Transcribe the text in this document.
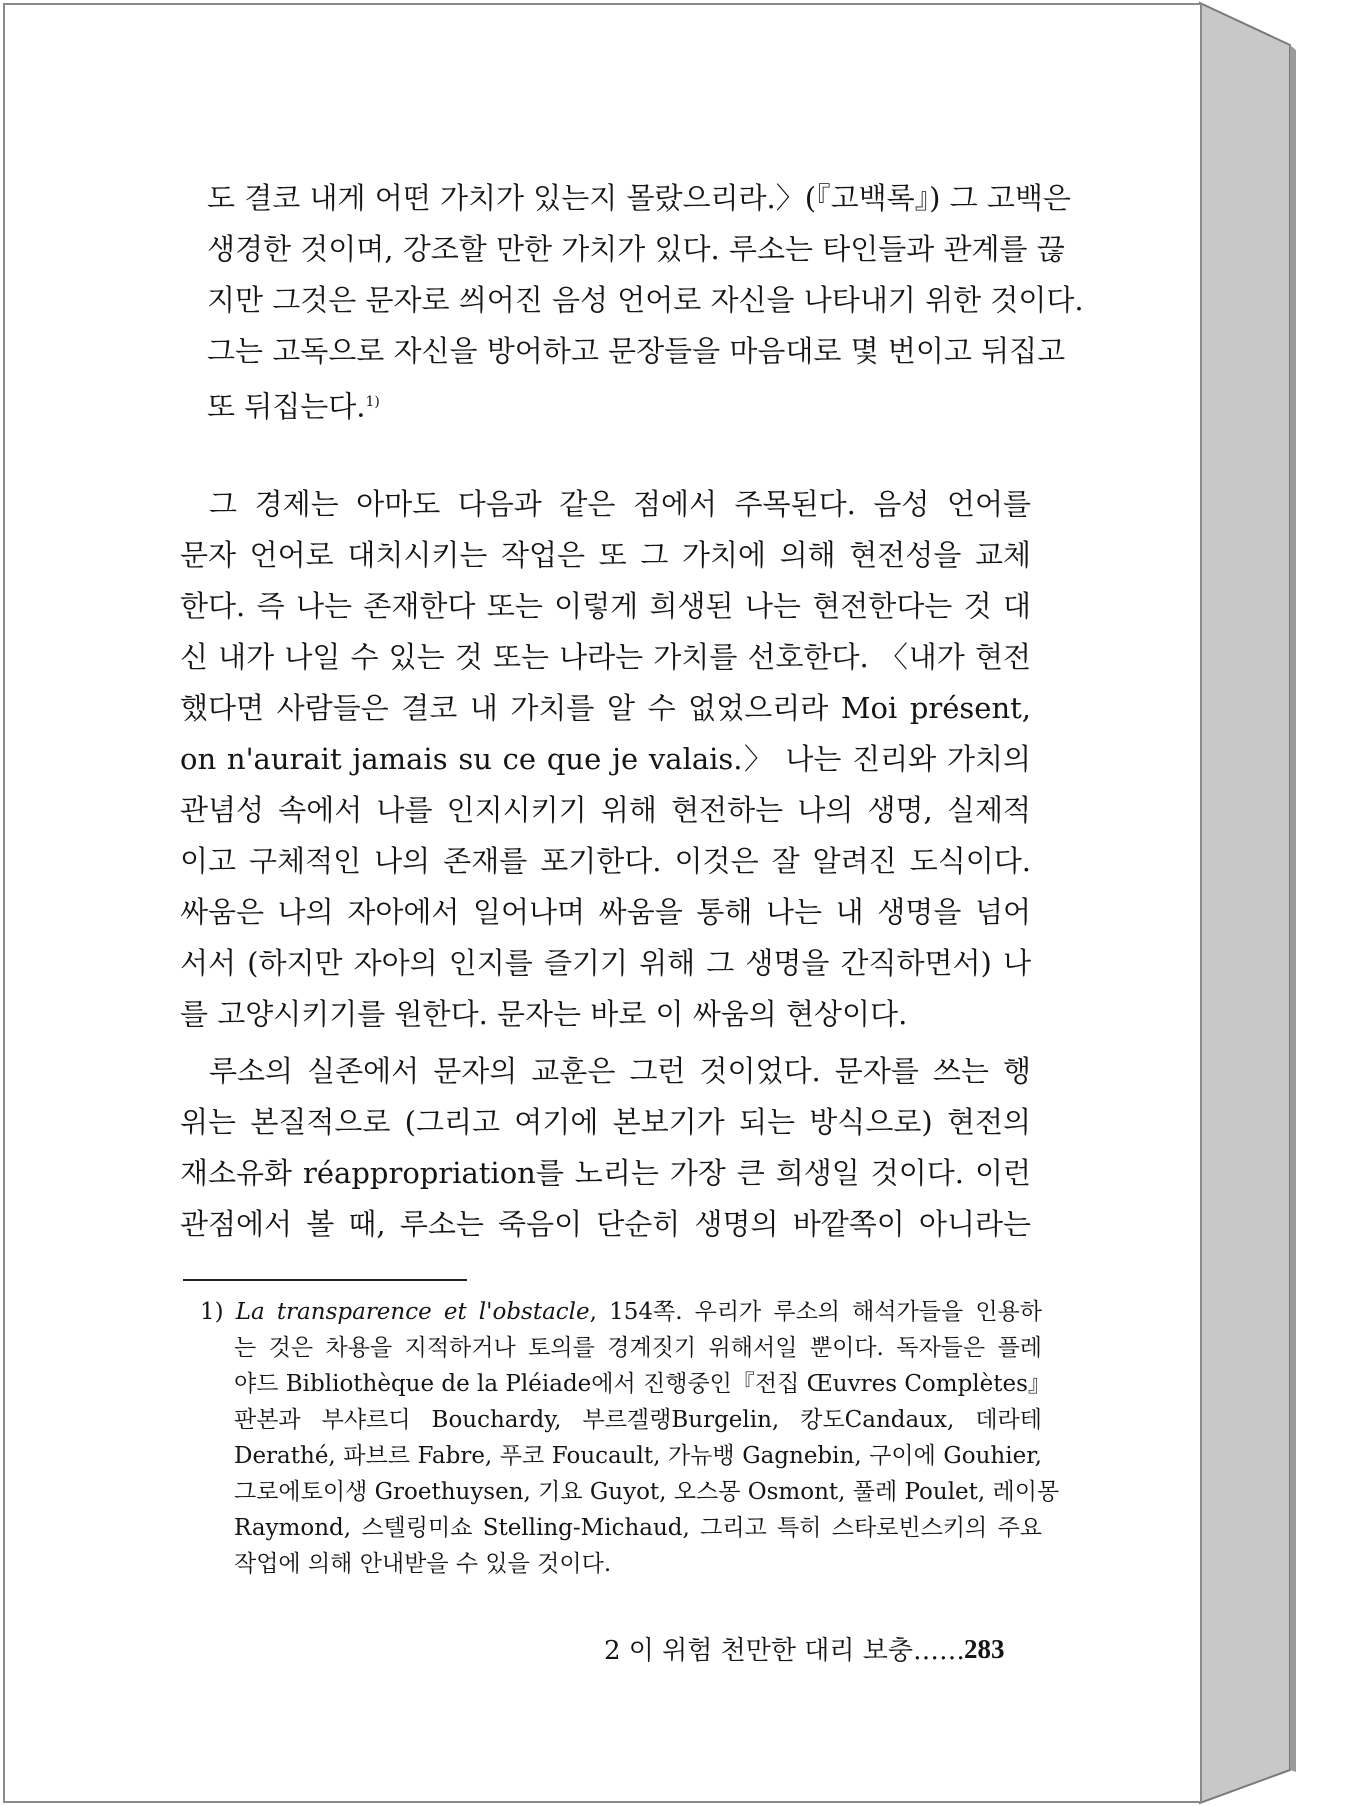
도 결코 내게 어떤 가치가 있는지 몰랐으리라.〉(『고백록』) 그 고백은
생경한 것이며, 강조할 만한 가치가 있다. 루소는 타인들과 관계를 끊
지만 그것은 문자로 씌어진 음성 언어로 자신을 나타내기 위한 것이다.
그는 고독으로 자신을 방어하고 문장들을 마음대로 몇 번이고 뒤집고
또 뒤집는다.$^{1)}$
그 경제는 아마도 다음과 같은 점에서 주목된다. 음성 언어를
문자 언어로 대치시키는 작업은 또 그 가치에 의해 현전성을 교체
한다. 즉 나는 존재한다 또는 이렇게 희생된 나는 현전한다는 것 대
신 내가 나일 수 있는 것 또는 나라는 가치를 선호한다. 〈내가 현전
했다면 사람들은 결코 내 가치를 알 수 없었으리라 Moi présent,
on n'aurait jamais su ce que je valais.〉 나는 진리와 가치의
관념성 속에서 나를 인지시키기 위해 현전하는 나의 생명, 실제적
이고 구체적인 나의 존재를 포기한다. 이것은 잘 알려진 도식이다.
싸움은 나의 자아에서 일어나며 싸움을 통해 나는 내 생명을 넘어
서서 (하지만 자아의 인지를 즐기기 위해 그 생명을 간직하면서) 나
를 고양시키기를 원한다. 문자는 바로 이 싸움의 현상이다.
루소의 실존에서 문자의 교훈은 그런 것이었다. 문자를 쓰는 행
위는 본질적으로 (그리고 여기에 본보기가 되는 방식으로) 현전의
재소유화 réappropriation를 노리는 가장 큰 희생일 것이다. 이런
관점에서 볼 때, 루소는 죽음이 단순히 생명의 바깥쪽이 아니라는
1) La transparence et l'obstacle, 154쪽. 우리가 루소의 해석가들을 인용하
는 것은 차용을 지적하거나 토의를 경계짓기 위해서일 뿐이다. 독자들은 플레
야드 Bibliothèque de la Pléiade에서 진행중인『전집 Œuvres Complètes』
판본과 부샤르디 Bouchardy, 부르겔랭Burgelin, 캉도Candaux, 데라테
Derathé, 파브르 Fabre, 푸코 Foucault, 가뉴뱅 Gagnebin, 구이에 Gouhier,
그로에토이생 Groethuysen, 기요 Guyot, 오스몽 Osmont, 풀레 Poulet, 레이몽
Raymond, 스텔링미쇼 Stelling-Michaud, 그리고 특히 스타로빈스키의 주요
작업에 의해 안내받을 수 있을 것이다.
2 이 위험 천만한 대리 보충……
283
